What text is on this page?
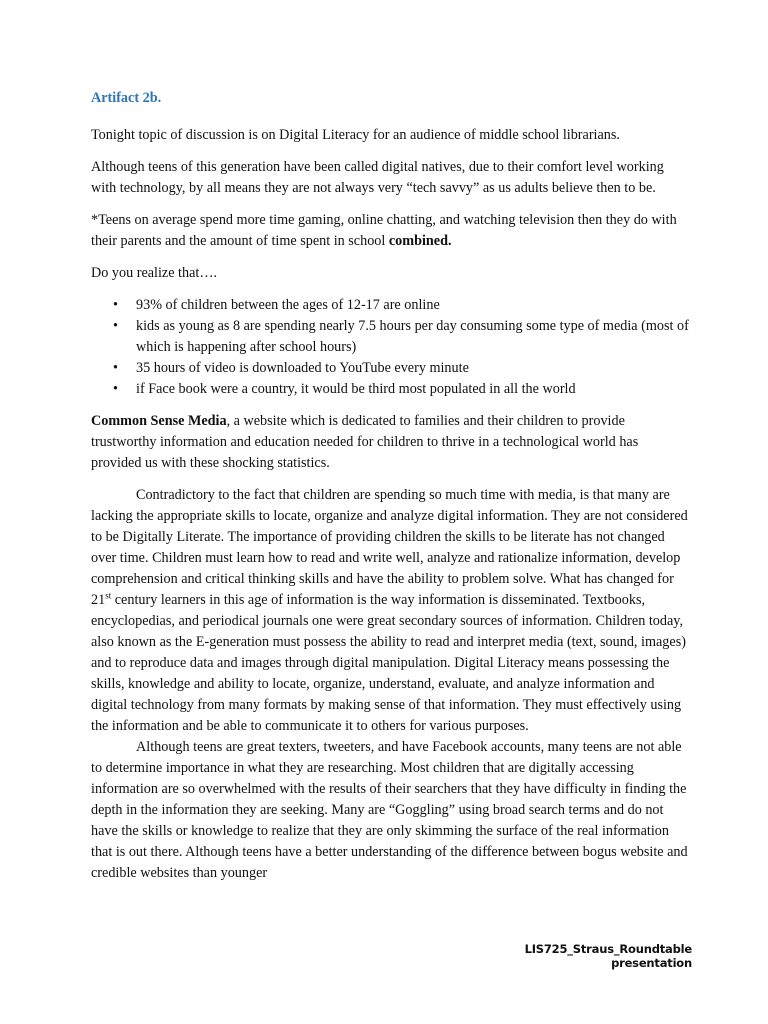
Artifact 2b.

Tonight topic of discussion is on Digital Literacy for an audience of middle school librarians.

Although teens of this generation have been called digital natives, due to their comfort level working with technology, by all means they are not always very “tech savvy” as us adults believe then to be.

*Teens on average spend more time gaming, online chatting, and watching television then they do with their parents and the amount of time spent in school combined.

Do you realize that….

• 93% of children between the ages of 12-17 are online
• kids as young as 8 are spending nearly 7.5 hours per day consuming some type of media (most of which is happening after school hours)
• 35 hours of video is downloaded to YouTube every minute
• if Face book were a country, it would be third most populated in all the world

Common Sense Media, a website which is dedicated to families and their children to provide trustworthy information and education needed for children to thrive in a technological world has provided us with these shocking statistics.

Contradictory to the fact that children are spending so much time with media, is that many are lacking the appropriate skills to locate, organize and analyze digital information. They are not considered to be Digitally Literate. The importance of providing children the skills to be literate has not changed over time. Children must learn how to read and write well, analyze and rationalize information, develop comprehension and critical thinking skills and have the ability to problem solve. What has changed for 21st century learners in this age of information is the way information is disseminated. Textbooks, encyclopedias, and periodical journals one were great secondary sources of information. Children today, also known as the E-generation must possess the ability to read and interpret media (text, sound, images) and to reproduce data and images through digital manipulation. Digital Literacy means possessing the skills, knowledge and ability to locate, organize, understand, evaluate, and analyze information and digital technology from many formats by making sense of that information. They must effectively using the information and be able to communicate it to others for various purposes.

Although teens are great texters, tweeters, and have Facebook accounts, many teens are not able to determine importance in what they are researching. Most children that are digitally accessing information are so overwhelmed with the results of their searchers that they have difficulty in finding the depth in the information they are seeking. Many are “Goggling” using broad search terms and do not have the skills or knowledge to realize that they are only skimming the surface of the real information that is out there. Although teens have a better understanding of the difference between bogus website and credible websites than younger

LIS725_Straus_Roundtable presentation
